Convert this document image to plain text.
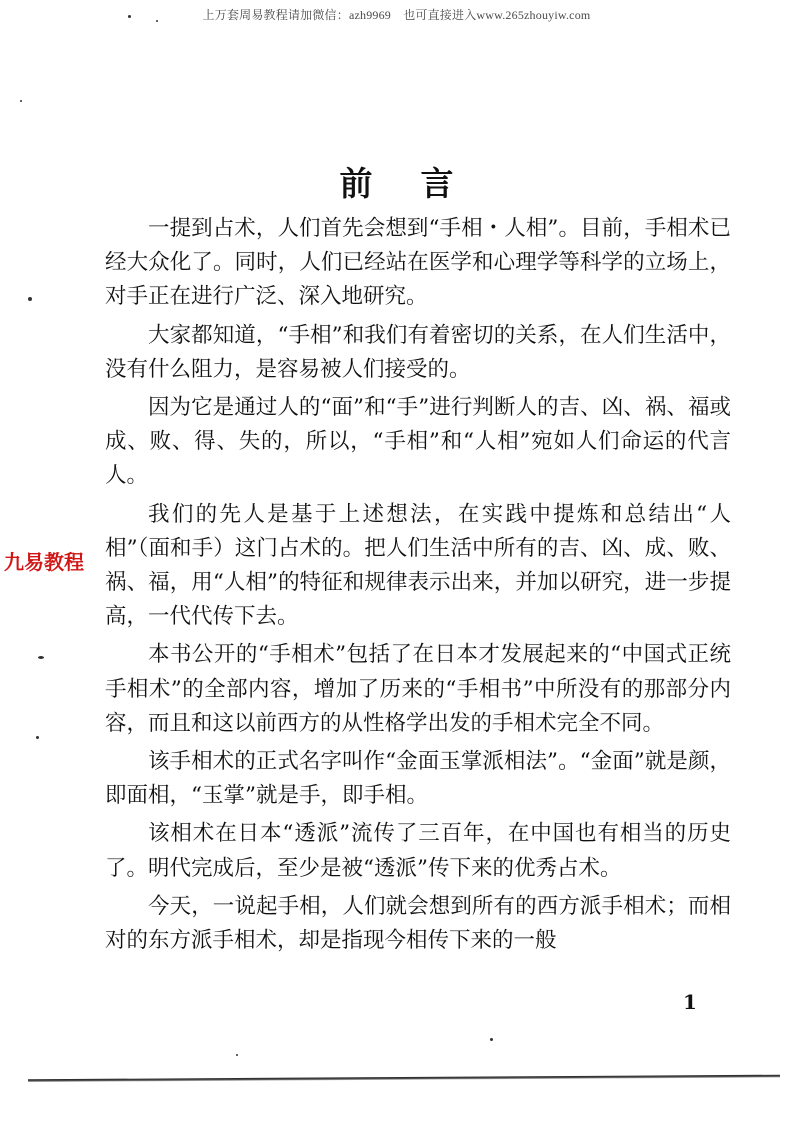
上万套周易教程请加微信：azh9969　也可直接进入www.265zhouyiw.com
前言

一提到占术，人们首先会想到“手相・人相”。目前，手相术已经大众化了。同时，人们已经站在医学和心理学等科学的立场上，对手正在进行广泛、深入地研究。

大家都知道，“手相”和我们有着密切的关系，在人们生活中，没有什么阻力，是容易被人们接受的。

因为它是通过人的“面”和“手”进行判断人的吉、凶、祸、福或成、败、得、失的，所以，“手相”和“人相”宛如人们命运的代言人。

我们的先人是基于上述想法，在实践中提炼和总结出“人相”（面和手）这门占术的。把人们生活中所有的吉、凶、成、败、祸、福，用“人相”的特征和规律表示出来，并加以研究，进一步提高，一代代传下去。

本书公开的“手相术”包括了在日本才发展起来的“中国式正统手相术”的全部内容，增加了历来的“手相书”中所没有的那部分内容，而且和这以前西方的从性格学出发的手相术完全不同。

该手相术的正式名字叫作“金面玉掌派相法”。“金面”就是颜，即面相，“玉掌”就是手，即手相。

该相术在日本“透派”流传了三百年，在中国也有相当的历史了。明代完成后，至少是被“透派”传下来的优秀占术。

今天，一说起手相，人们就会想到所有的西方派手相术；而相对的东方派手相术，却是指现今相传下来的一般

九易教程
1
